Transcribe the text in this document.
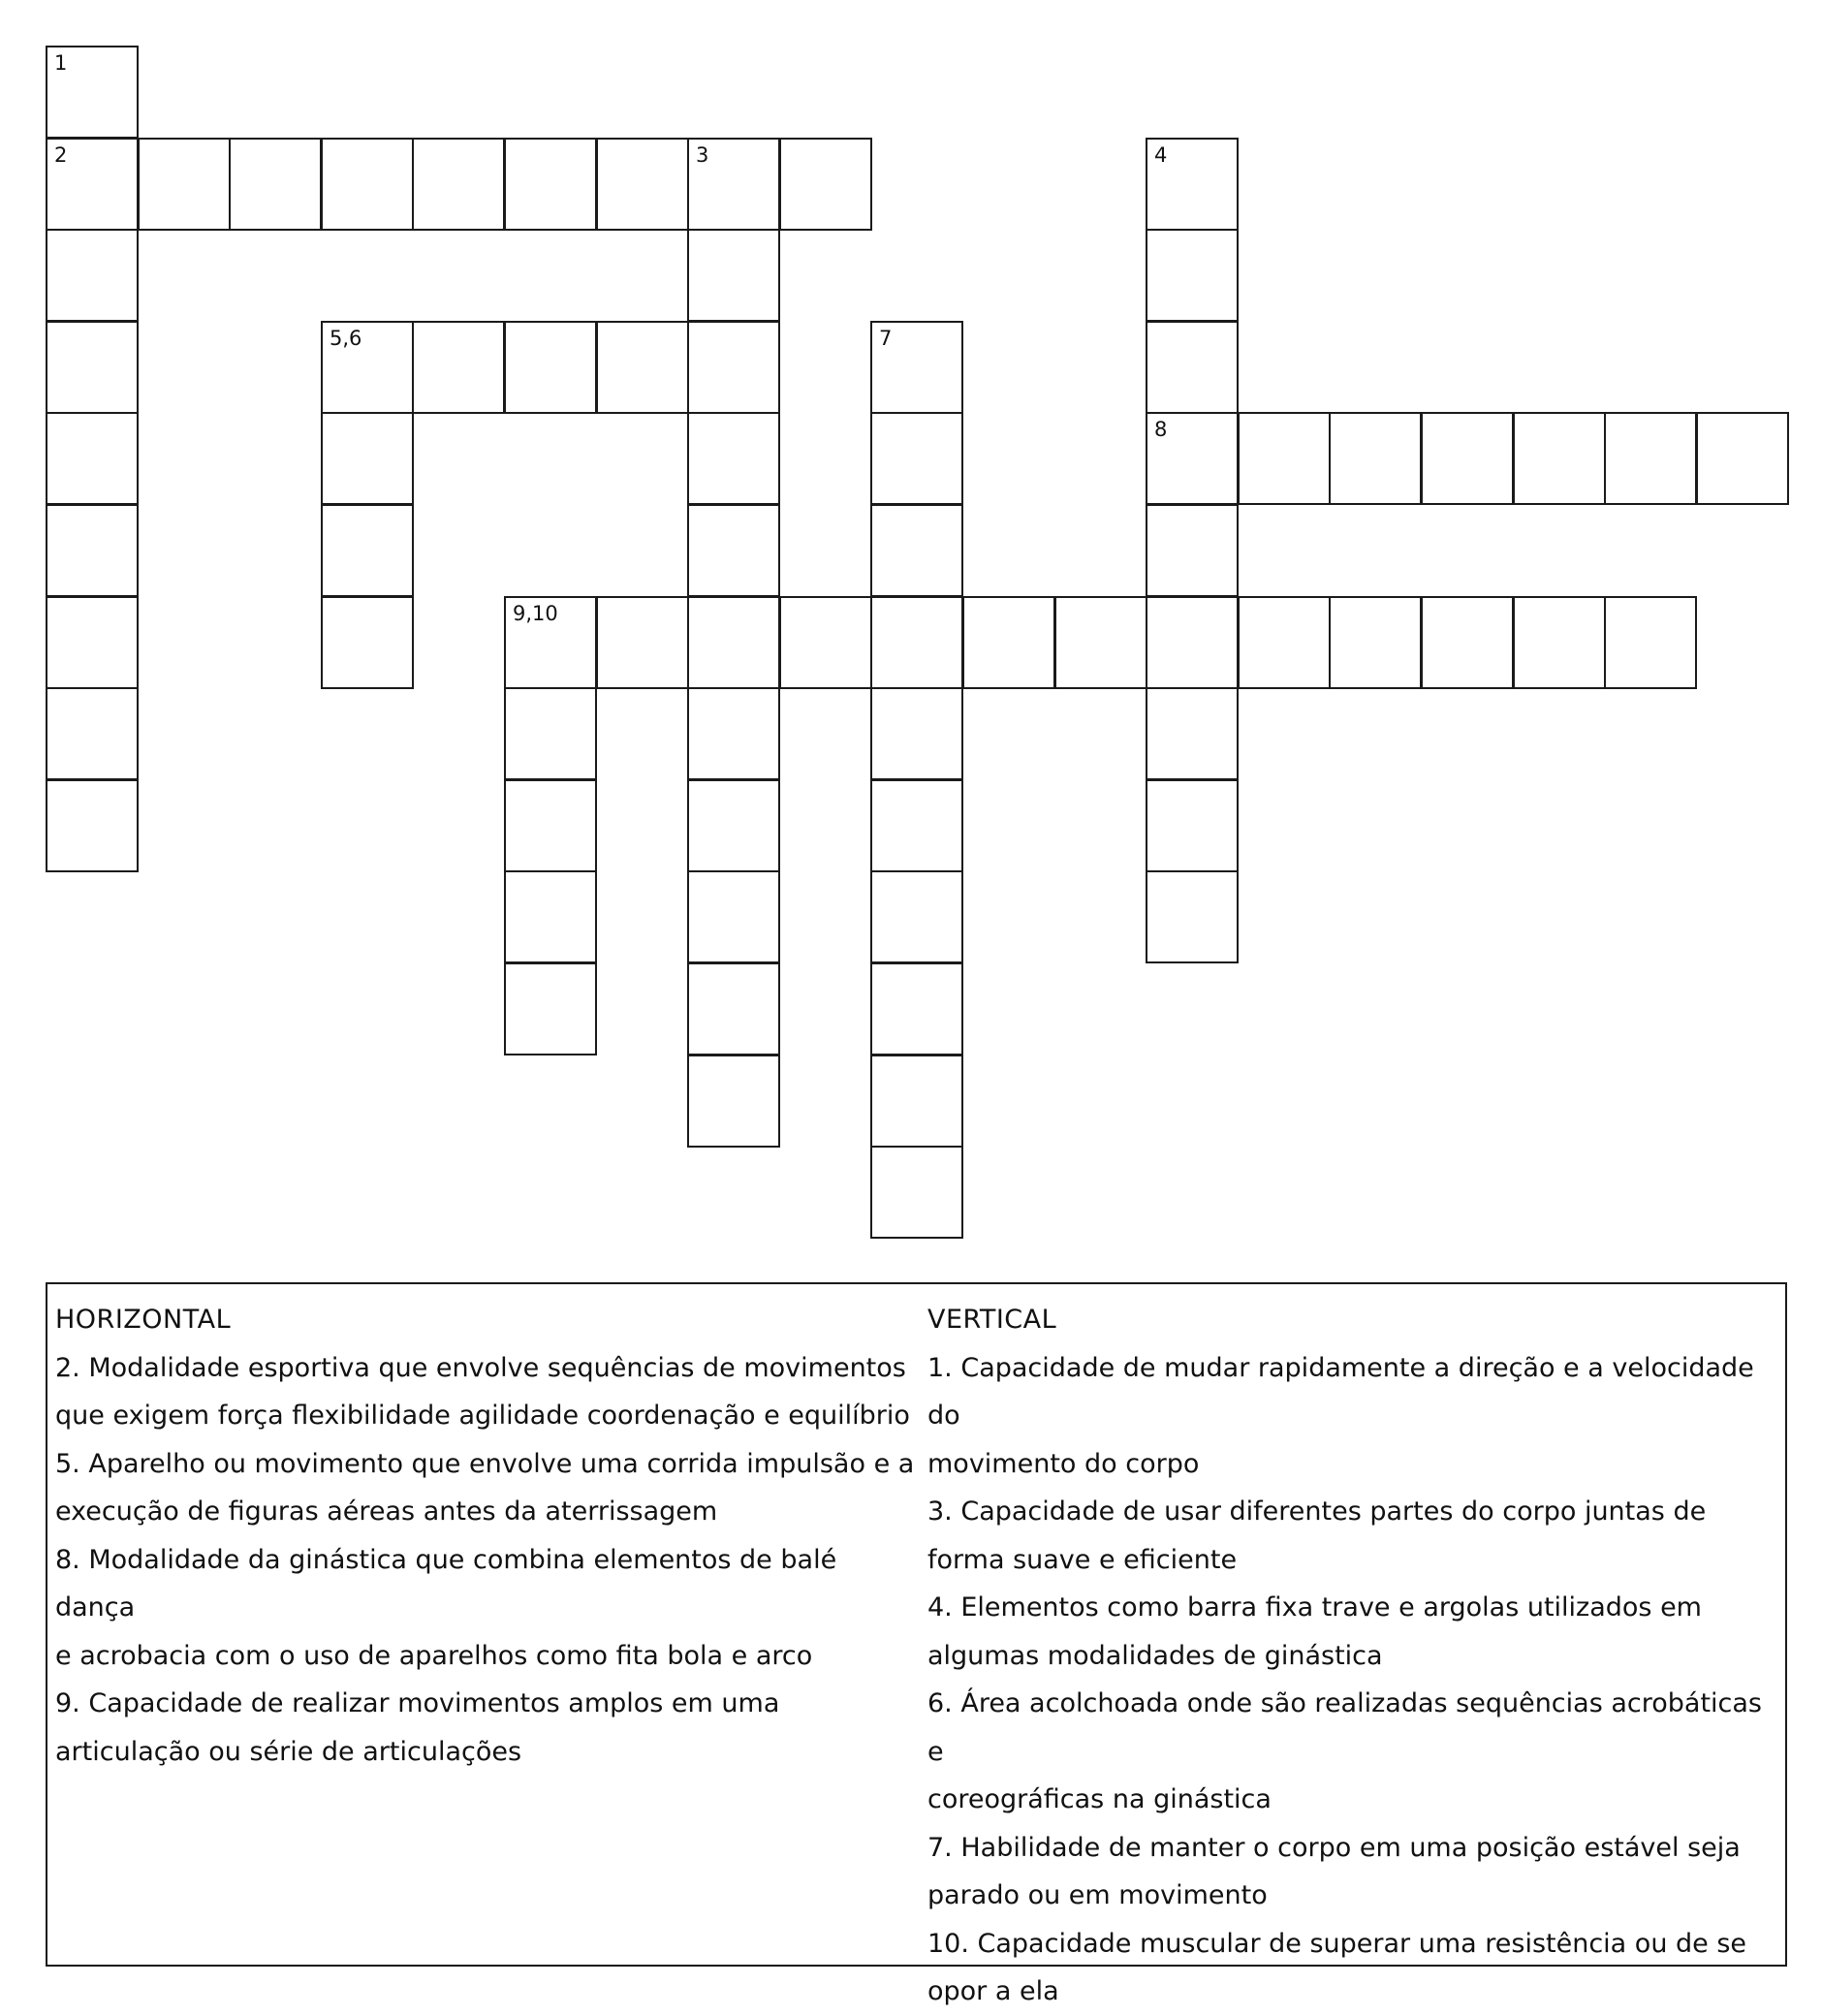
1
2	3	4
5,6	7
8
9,10
HORIZONTAL
2. Modalidade esportiva que envolve sequências de movimentos
que exigem força flexibilidade agilidade coordenação e equilíbrio
5. Aparelho ou movimento que envolve uma corrida impulsão e a
execução de figuras aéreas antes da aterrissagem
8. Modalidade da ginástica que combina elementos de balé dança
e acrobacia com o uso de aparelhos como fita bola e arco
9. Capacidade de realizar movimentos amplos em uma
articulação ou série de articulações
VERTICAL
1. Capacidade de mudar rapidamente a direção e a velocidade do
movimento do corpo
3. Capacidade de usar diferentes partes do corpo juntas de
forma suave e eficiente
4. Elementos como barra fixa trave e argolas utilizados em
algumas modalidades de ginástica
6. Área acolchoada onde são realizadas sequências acrobáticas e
coreográficas na ginástica
7. Habilidade de manter o corpo em uma posição estável seja
parado ou em movimento
10. Capacidade muscular de superar uma resistência ou de se
opor a ela
